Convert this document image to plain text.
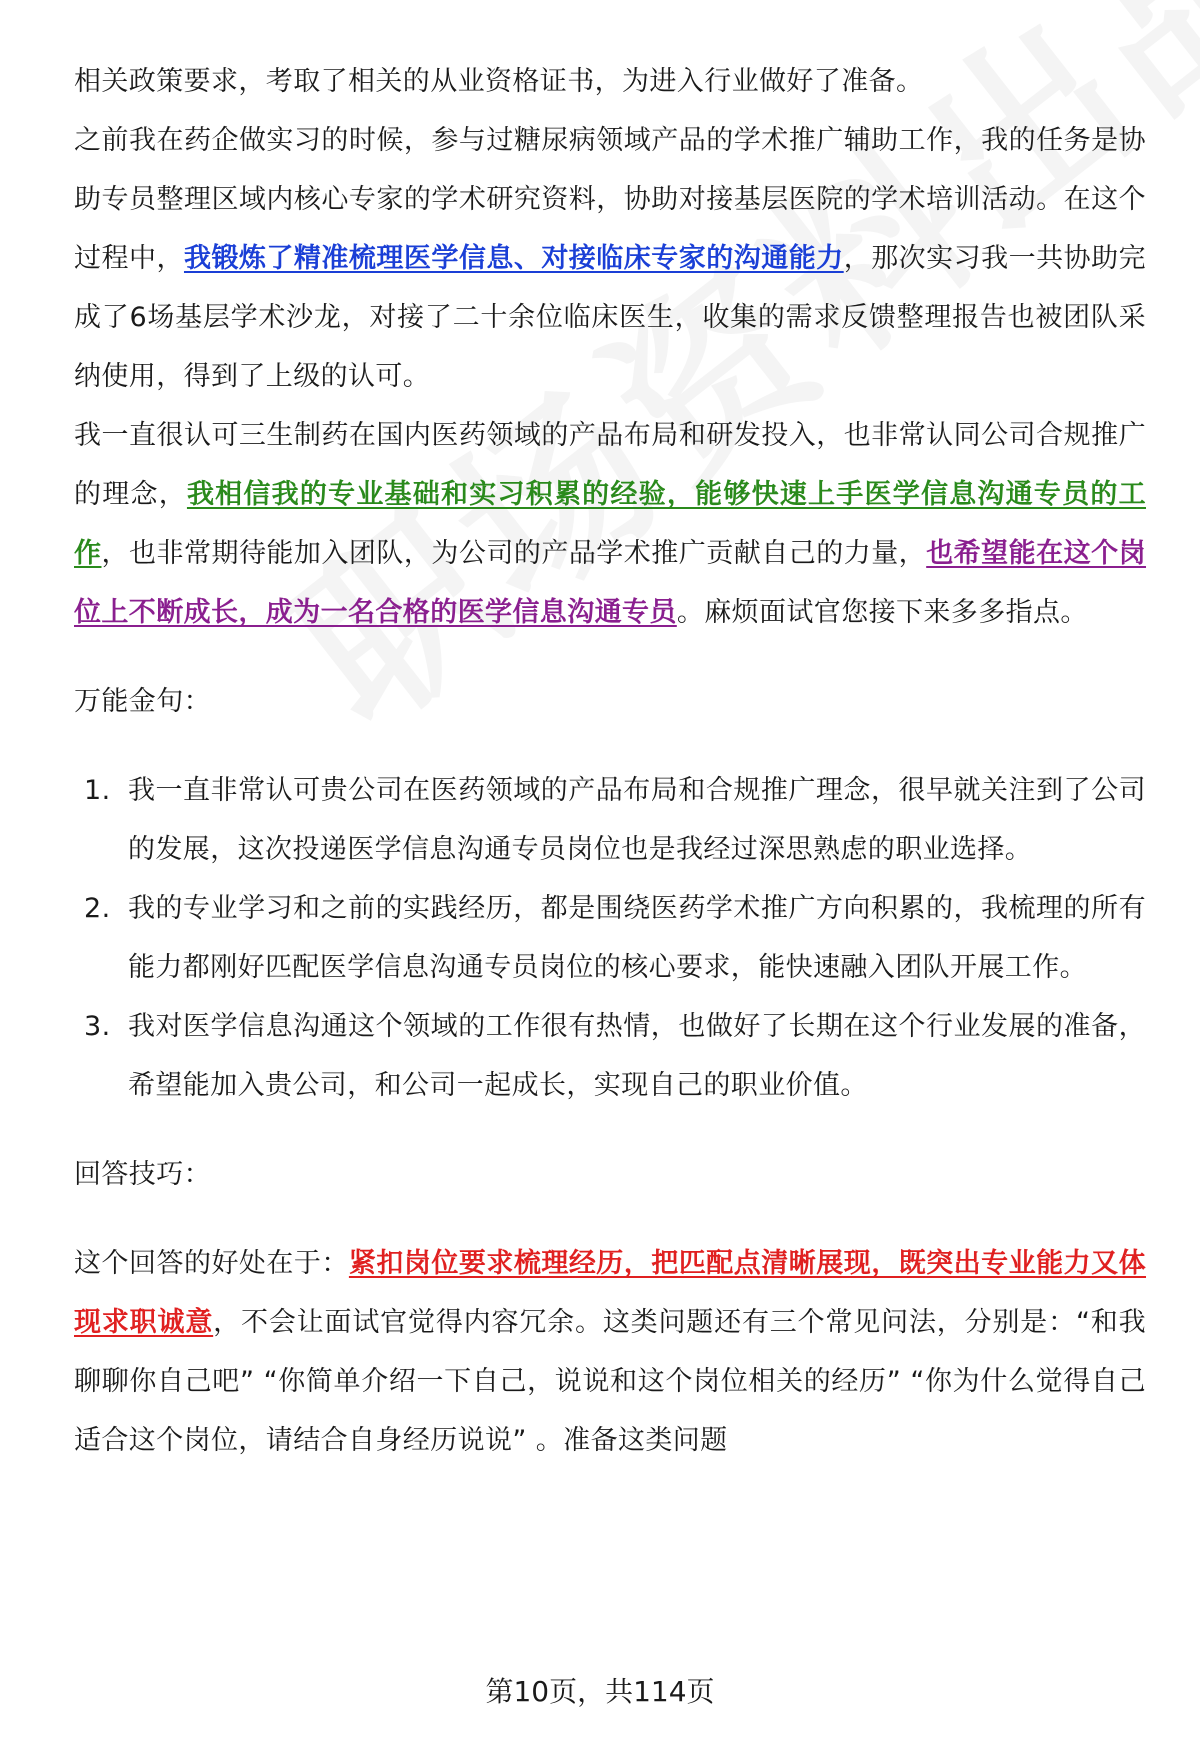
相关政策要求，考取了相关的从业资格证书，为进入行业做好了准备。

之前我在药企做实习的时候，参与过糖尿病领域产品的学术推广辅助工作，我的任务是协助专员整理区域内核心专家的学术研究资料，协助对接基层医院的学术培训活动。在这个过程中，我锻炼了精准梳理医学信息、对接临床专家的沟通能力，那次实习我一共协助完成了6场基层学术沙龙，对接了二十余位临床医生，收集的需求反馈整理报告也被团队采纳使用，得到了上级的认可。

我一直很认可三生制药在国内医药领域的产品布局和研发投入，也非常认同公司合规推广的理念，我相信我的专业基础和实习积累的经验，能够快速上手医学信息沟通专员的工作，也非常期待能加入团队，为公司的产品学术推广贡献自己的力量，也希望能在这个岗位上不断成长，成为一名合格的医学信息沟通专员。麻烦面试官您接下来多多指点。

万能金句：

1. 我一直非常认可贵公司在医药领域的产品布局和合规推广理念，很早就关注到了公司的发展，这次投递医学信息沟通专员岗位也是我经过深思熟虑的职业选择。
2. 我的专业学习和之前的实践经历，都是围绕医药学术推广方向积累的，我梳理的所有能力都刚好匹配医学信息沟通专员岗位的核心要求，能快速融入团队开展工作。
3. 我对医学信息沟通这个领域的工作很有热情，也做好了长期在这个行业发展的准备，希望能加入贵公司，和公司一起成长，实现自己的职业价值。

回答技巧：

这个回答的好处在于：紧扣岗位要求梳理经历，把匹配点清晰展现，既突出专业能力又体现求职诚意，不会让面试官觉得内容冗余。这类问题还有三个常见问法，分别是：“和我聊聊你自己吧” “你简单介绍一下自己，说说和这个岗位相关的经历” “你为什么觉得自己适合这个岗位，请结合自身经历说说” 。准备这类问题

第10页，共114页
